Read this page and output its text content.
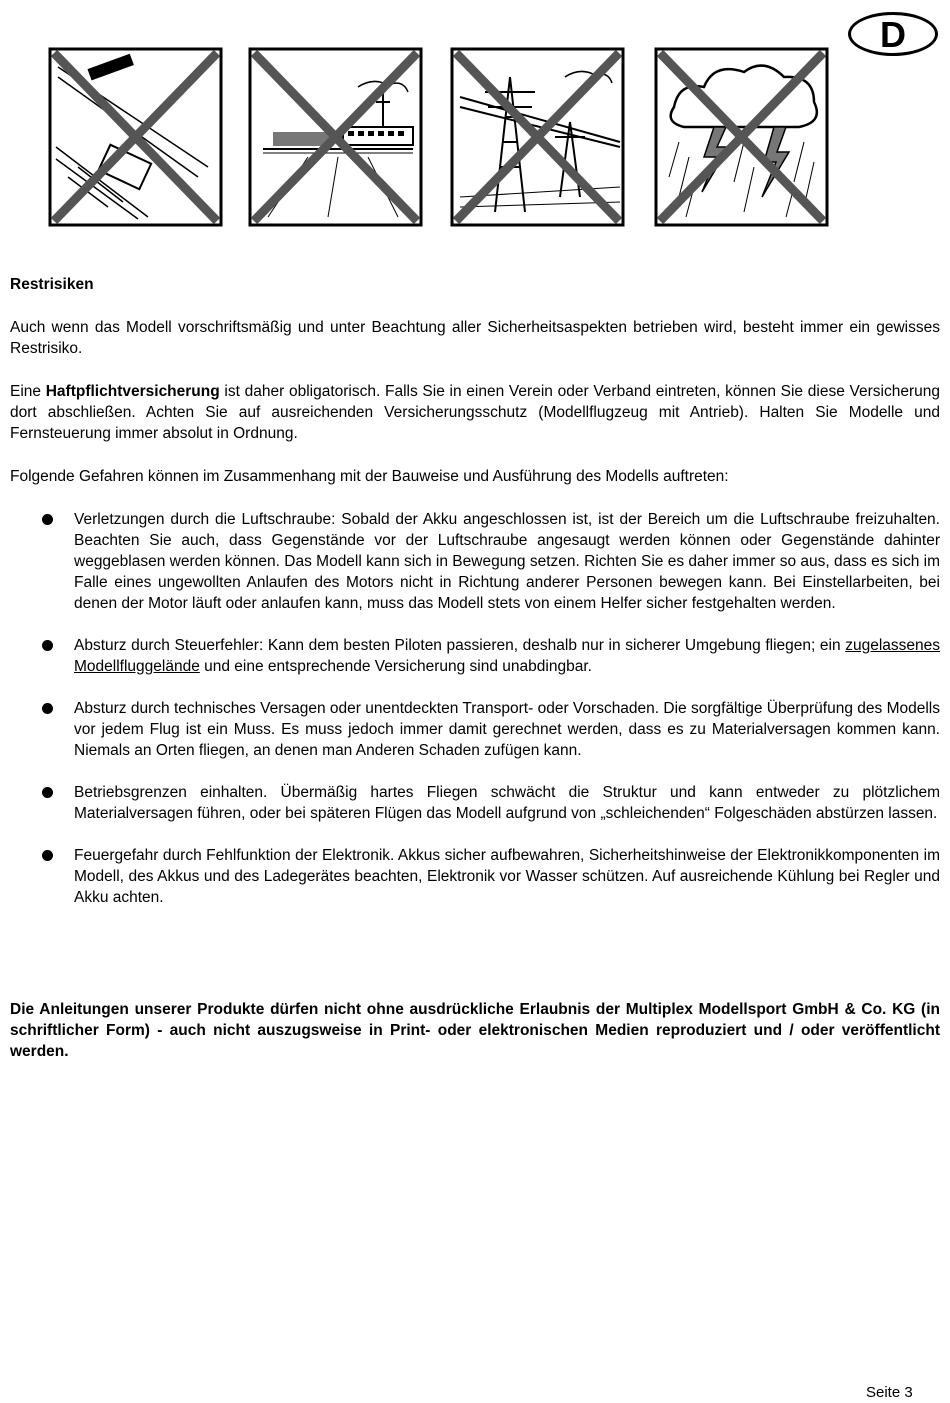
D
Restrisiken
Auch wenn das Modell vorschriftsmäßig und unter Beachtung aller Sicherheitsaspekten betrieben wird, besteht immer ein gewisses Restrisiko.
Eine Haftpflichtversicherung ist daher obligatorisch. Falls Sie in einen Verein oder Verband eintreten, können Sie diese Versicherung dort abschließen. Achten Sie auf ausreichenden Versicherungsschutz (Modellflugzeug mit Antrieb). Halten Sie Modelle und Fernsteuerung immer absolut in Ordnung.
Folgende Gefahren können im Zusammenhang mit der Bauweise und Ausführung des Modells auftreten:
Verletzungen durch die Luftschraube: Sobald der Akku angeschlossen ist, ist der Bereich um die Luftschraube freizuhalten. Beachten Sie auch, dass Gegenstände vor der Luftschraube angesaugt werden können oder Gegenstände dahinter weggeblasen werden können. Das Modell kann sich in Bewegung setzen. Richten Sie es daher immer so aus, dass es sich im Falle eines ungewollten Anlaufen des Motors nicht in Richtung anderer Personen bewegen kann. Bei Einstellarbeiten, bei denen der Motor läuft oder anlaufen kann, muss das Modell stets von einem Helfer sicher festgehalten werden.
Absturz durch Steuerfehler: Kann dem besten Piloten passieren, deshalb nur in sicherer Umgebung fliegen; ein zugelassenes Modellfluggelände und eine entsprechende Versicherung sind unabdingbar.
Absturz durch technisches Versagen oder unentdeckten Transport- oder Vorschaden. Die sorgfältige Überprüfung des Modells vor jedem Flug ist ein Muss. Es muss jedoch immer damit gerechnet werden, dass es zu Materialversagen kommen kann. Niemals an Orten fliegen, an denen man Anderen Schaden zufügen kann.
Betriebsgrenzen einhalten. Übermäßig hartes Fliegen schwächt die Struktur und kann entweder zu plötzlichem Materialversagen führen, oder bei späteren Flügen das Modell aufgrund von „schleichenden“ Folgeschäden abstürzen lassen.
Feuergefahr durch Fehlfunktion der Elektronik. Akkus sicher aufbewahren, Sicherheitshinweise der Elektronikkomponenten im Modell, des Akkus und des Ladegerätes beachten, Elektronik vor Wasser schützen. Auf ausreichende Kühlung bei Regler und Akku achten.
Die Anleitungen unserer Produkte dürfen nicht ohne ausdrückliche Erlaubnis der Multiplex Modellsport GmbH & Co. KG (in schriftlicher Form) - auch nicht auszugsweise in Print- oder elektronischen Medien reproduziert und / oder veröffentlicht werden.
Seite 3
